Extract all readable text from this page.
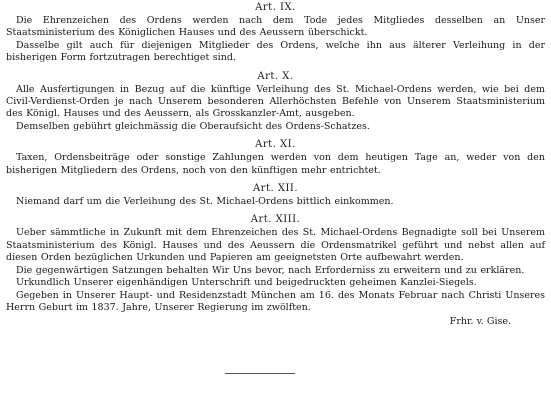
Art. IX.

Die Ehrenzeichen des Ordens werden nach dem Tode jedes Mitgliedes desselben an Unser Staatsministerium des Königlichen Hauses und des Aeussern überschickt.

Dasselbe gilt auch für diejenigen Mitglieder des Ordens, welche ihn aus älterer Verleihung in der bisherigen Form fortzutragen berechtiget sind.

Art. X.

Alle Ausfertigungen in Bezug auf die künftige Verleihung des St. Michael-Ordens werden, wie bei dem Civil-Verdienst-Orden je nach Unserem besonderen Allerhöchsten Befehle von Unserem Staatsministerium des Königl. Hauses und des Aeussern, als Grosskanzler-Amt, ausgeben.

Demselben gebührt gleichmässig die Oberaufsicht des Ordens-Schatzes.

Art. XI.

Taxen, Ordensbeiträge oder sonstige Zahlungen werden von dem heutigen Tage an, weder von den bisherigen Mitgliedern des Ordens, noch von den künftigen mehr entrichtet.

Art. XII.

Niemand darf um die Verleihung des St. Michael-Ordens bittlich einkommen.

Art. XIII.

Ueber sämmtliche in Zukunft mit dem Ehrenzeichen des St. Michael-Ordens Begnadigte soll bei Unserem Staatsministerium des Königl. Hauses und des Aeussern die Ordensmatrikel geführt und nebst allen auf diesen Orden bezüglichen Urkunden und Papieren am geeignetsten Orte aufbewahrt werden.

Die gegenwärtigen Satzungen behalten Wir Uns bevor, nach Erforderniss zu erweitern und zu erklären.

Urkundlich Unserer eigenhändigen Unterschrift und beigedruckten geheimen Kanzlei-Siegels.

Gegeben in Unserer Haupt- und Residenzstadt München am 16. des Monats Februar nach Christi Unseres Herrn Geburt im 1837. Jahre, Unserer Regierung im zwölften.

Frhr. v. Gise.
